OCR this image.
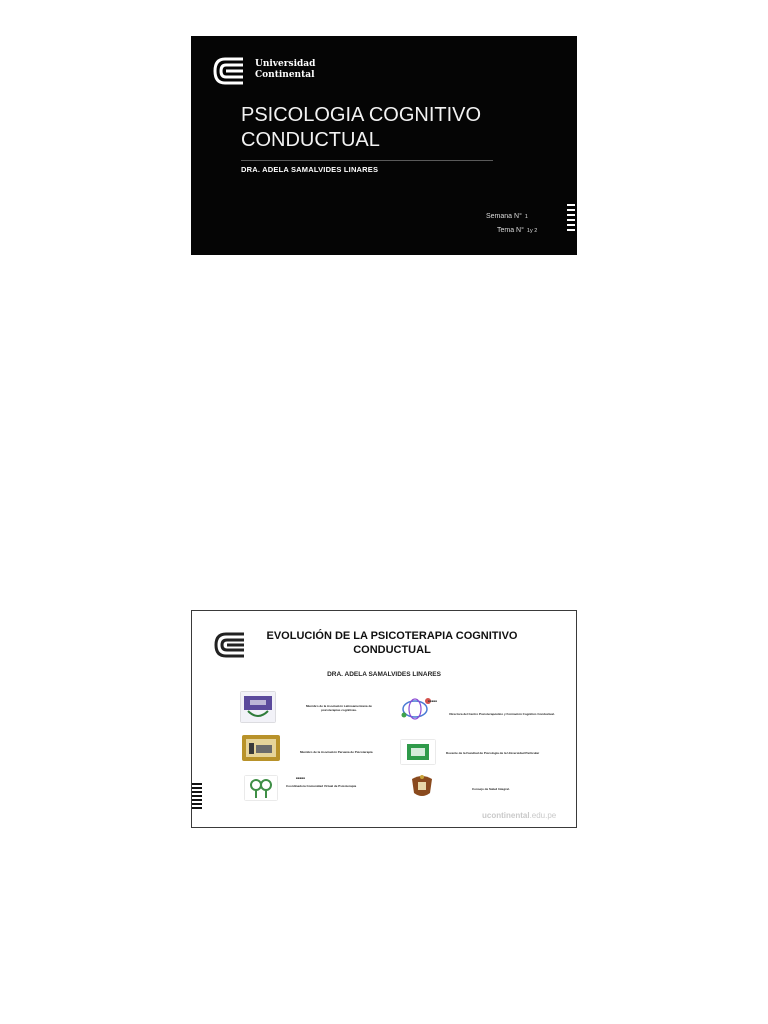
Universidad
Continental
PSICOLOGIA COGNITIVO
CONDUCTUAL
DRA. ADELA SAMALVIDES LINARES
Semana N° 1
Tema N° 1y 2
EVOLUCIÓN DE LA PSICOTERAPIA COGNITIVO
CONDUCTUAL
DRA. ADELA SAMALVIDES LINARES
Miembro de la Asociación Latinoamericana de psicoterapias cognitivas.
Miembro de la Asociación Peruana de Psicoterapia
■■■■■
Coordinadora Comunidad Virtual de Psicoterapia
■■■■■
Directora del Centro Psicoterapéutico y Formación Cognitivo Conductual.
Docente de la Facultad de Psicología de la Universidad Particular
Consejo de Salud Integral.
ucontinental.edu.pe
